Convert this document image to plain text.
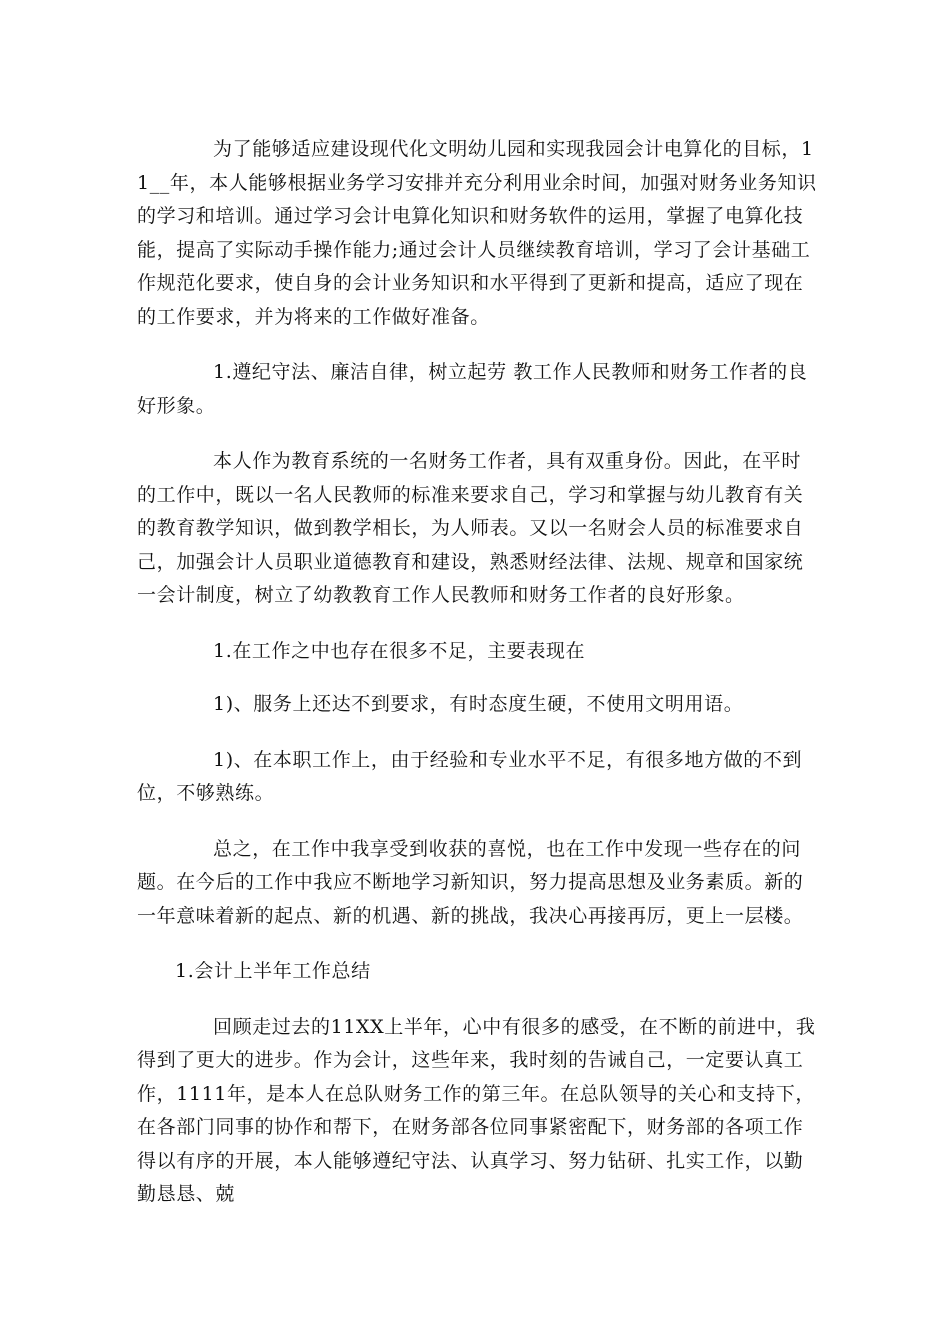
为了能够适应建设现代化文明幼儿园和实现我园会计电算化的目标，11__年，本人能够根据业务学习安排并充分利用业余时间，加强对财务业务知识的学习和培训。通过学习会计电算化知识和财务软件的运用，掌握了电算化技能，提高了实际动手操作能力;通过会计人员继续教育培训，学习了会计基础工作规范化要求，使自身的会计业务知识和水平得到了更新和提高，适应了现在的工作要求，并为将来的工作做好准备。

1.遵纪守法、廉洁自律，树立起劳 教工作人民教师和财务工作者的良好形象。

本人作为教育系统的一名财务工作者，具有双重身份。因此，在平时的工作中，既以一名人民教师的标准来要求自己，学习和掌握与幼儿教育有关的教育教学知识，做到教学相长，为人师表。又以一名财会人员的标准要求自己，加强会计人员职业道德教育和建设，熟悉财经法律、法规、规章和国家统一会计制度，树立了幼教教育工作人民教师和财务工作者的良好形象。

1.在工作之中也存在很多不足，主要表现在

1)、服务上还达不到要求，有时态度生硬，不使用文明用语。

1)、在本职工作上，由于经验和专业水平不足，有很多地方做的不到位，不够熟练。

总之，在工作中我享受到收获的喜悦，也在工作中发现一些存在的问题。在今后的工作中我应不断地学习新知识，努力提高思想及业务素质。新的一年意味着新的起点、新的机遇、新的挑战，我决心再接再厉，更上一层楼。

1.会计上半年工作总结

回顾走过去的11XX上半年，心中有很多的感受，在不断的前进中，我得到了更大的进步。作为会计，这些年来，我时刻的告诫自己，一定要认真工作，1111年，是本人在总队财务工作的第三年。在总队领导的关心和支持下，在各部门同事的协作和帮下，在财务部各位同事紧密配下，财务部的各项工作得以有序的开展，本人能够遵纪守法、认真学习、努力钻研、扎实工作，以勤勤恳恳、兢
